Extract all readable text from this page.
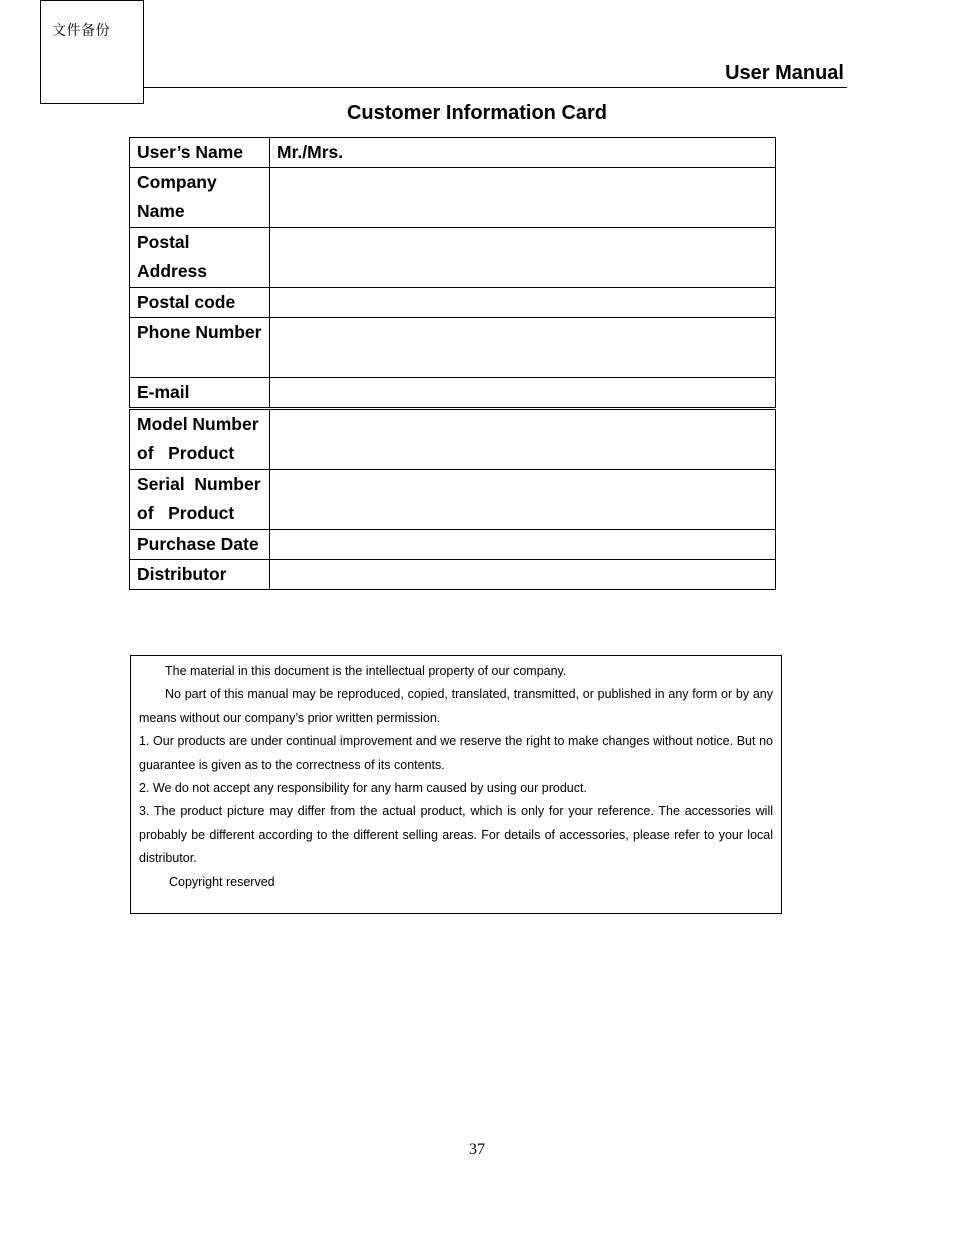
文件备份
User Manual
Customer Information Card
User’s Name	Mr./Mrs.
Company Name	
Postal Address	
Postal code	
Phone Number	
E-mail	
Model Number of   Product	
Serial  Number of   Product	
Purchase Date	
Distributor	

The material in this document is the intellectual property of our company.

No part of this manual may be reproduced, copied, translated, transmitted, or published in any form or by any means without our company’s prior written permission.

1. Our products are under continual improvement and we reserve the right to make changes without notice. But no guarantee is given as to the correctness of its contents.

2. We do not accept any responsibility for any harm caused by using our product.

3. The product picture may differ from the actual product, which is only for your reference. The accessories will probably be different according to the different selling areas. For details of accessories, please refer to your local distributor.

Copyright reserved

37
